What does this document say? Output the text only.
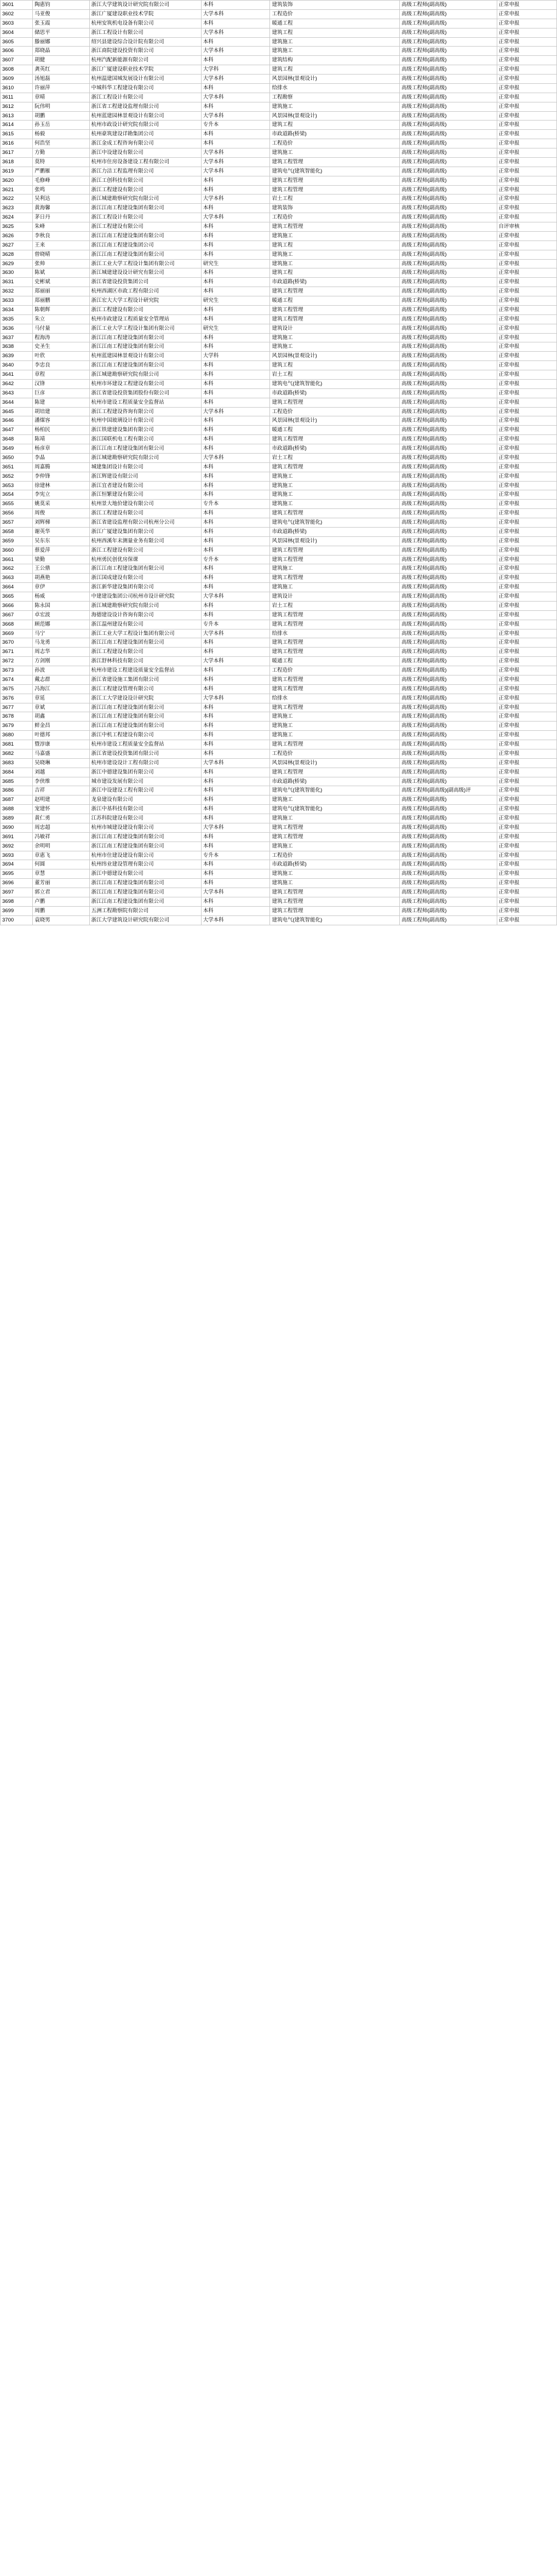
3601	陶惠钧	浙江大学建筑设计研究院有限公司	本科	建筑装饰	高级工程师(副高级)	正常申报
3602	马亚俊	浙江广厦建设职业技术学院	大学本科	工程造价	高级工程师(副高级)	正常申报
3603	张玉霞	杭州安筑机电设备有限公司	本科	暖通工程	高级工程师(副高级)	正常申报
3604	储思平	浙江工程设计有限公司	大学本科	建筑工程	高级工程师(副高级)	正常申报
3605	滕丽娜	绍兴县建设综合设计院有限公司	本科	建筑施工	高级工程师(副高级)	正常申报
3606	郑晓晶	浙江商院建设投资有限公司	大学本科	建筑施工	高级工程师(副高级)	正常申报
3607	胡健	杭州汽配新能源有限公司	本科	建筑结构	高级工程师(副高级)	正常申报
3608	龚英红	浙江广厦建设职业技术学院	大学科	建筑工程	高级工程师(副高级)	正常申报
3609	汤旭磊	杭州温建国城发展设计有限公司	大学本科	风景园林(景观设计)	高级工程师(副高级)	正常申报
3610	许丽萍	中城科华工程建设有限公司	本科	给排水	高级工程师(副高级)	正常申报
3611	章晴	浙江工程设计有限公司	大学本科	工程勘察	高级工程师(副高级)	正常申报
3612	阮伟明	浙江省工程建设监理有限公司	本科	建筑施工	高级工程师(副高级)	正常申报
3613	胡鹏	杭州蓝建园林景观设计有限公司	大学本科	风景园林(景观设计)	高级工程师(副高级)	正常申报
3614	孙玉岳	杭州市政设计研究院有限公司	专升本	建筑工程	高级工程师(副高级)	正常申报
3615	杨毅	杭州豪筑建设详勘集团公司	本科	市政道路(桥梁)	高级工程师(副高级)	正常申报
3616	何浩坚	浙江金成工程咨询有限公司	本科	工程造价	高级工程师(副高级)	正常申报
3617	方勤	浙江中设建设有限公司	大学本科	建筑施工	高级工程师(副高级)	正常申报
3618	莫特	杭州市住房设备建设工程有限公司	大学本科	建筑工程管理	高级工程师(副高级)	正常申报
3619	严鹏雁	浙江力洁工程监理有限公司	大学本科	建筑电气(建筑智能化)	高级工程师(副高级)	正常申报
3620	毛修峰	浙江工创科技有限公司	本科	建筑工程管理	高级工程师(副高级)	正常申报
3621	张鸣	浙江工程建设有限公司	本科	建筑工程管理	高级工程师(副高级)	正常申报
3622	吴利达	浙江城建勘察研究院有限公司	大学本科	岩土工程	高级工程师(副高级)	正常申报
3623	黄海馨	浙江江南工程建设集团有限公司	本科	建筑装饰	高级工程师(副高级)	正常申报
3624	茅日丹	浙江工程设计有限公司	大学本科	工程造价	高级工程师(副高级)	正常申报
3625	朱峰	浙江工程建设有限公司	本科	建筑工程管理	高级工程师(副高级)	自评审核
3626	李秋良	浙江江南工程建设集团有限公司	本科	建筑施工	高级工程师(副高级)	正常申报
3627	王来	浙江江南工程建设集团公司	本科	建筑工程	高级工程师(副高级)	正常申报
3628	曾晓晴	浙江江南工程建设集团有限公司	本科	建筑施工	高级工程师(副高级)	正常申报
3629	张帅	浙江工业大学工程设计集团有限公司	研究生	建筑施工	高级工程师(副高级)	正常申报
3630	陈斌	浙江城建建设设计研究有限公司	本科	建筑工程	高级工程师(副高级)	正常申报
3631	史彬斌	浙江省建设投资集团公司	本科	市政道路(桥梁)	高级工程师(副高级)	正常申报
3632	郑丽丽	杭州西湖区市政工程有限公司	本科	建筑工程管理	高级工程师(副高级)	正常申报
3633	郑丽鹏	浙江宏大大学工程设计研究院	研究生	暖通工程	高级工程师(副高级)	正常申报
3634	陈朝辉	浙江工程建设有限公司	本科	建筑工程管理	高级工程师(副高级)	正常申报
3635	朱立	杭州市政建设工程质量安全管理站	本科	建筑工程管理	高级工程师(副高级)	正常申报
3636	马付量	浙江工业大学工程设计集团有限公司	研究生	建筑设计	高级工程师(副高级)	正常申报
3637	程海涛	浙江江南工程建设集团有限公司	本科	建筑施工	高级工程师(副高级)	正常申报
3638	史圣生	浙江江南工程建设集团有限公司	本科	建筑施工	高级工程师(副高级)	正常申报
3639	叶欣	杭州蓝建园林景观设计有限公司	大学科	风景园林(景观设计)	高级工程师(副高级)	正常申报
3640	李忠良	浙江江南工程建设集团有限公司	本科	建筑工程	高级工程师(副高级)	正常申报
3641	章程	浙江城建勘察研究院有限公司	本科	岩土工程	高级工程师(副高级)	正常申报
3642	汉锋	杭州市环建设工程建设有限公司	本科	建筑电气(建筑智能化)	高级工程师(副高级)	正常申报
3643	巨彦	浙江省建设投资集团股份有限公司	本科	市政道路(桥梁)	高级工程师(副高级)	正常申报
3644	陈建	杭州市建设工程质量安全监督站	本科	建筑工程管理	高级工程师(副高级)	正常申报
3645	胡培建	浙江工程建设咨询有限公司	大学本科	工程造价	高级工程师(副高级)	正常申报
3646	潘煤容	杭州中国玻璃设计有限公司	本科	风景园林(景观设计)	高级工程师(副高级)	正常申报
3647	杨柏民	浙江铁建建设集团有限公司	本科	暖通工程	高级工程师(副高级)	正常申报
3648	陈靖	浙江国联机电工程有限公司	本科	建筑工程管理	高级工程师(副高级)	正常申报
3649	杨彦章	浙江江南工程建设集团有限公司	本科	市政道路(桥梁)	高级工程师(副高级)	正常申报
3650	李晶	浙江城建勘察研究院有限公司	大学本科	岩土工程	高级工程师(副高级)	正常申报
3651	周嘉腾	城建集团设计有限公司	本科	建筑工程管理	高级工程师(副高级)	正常申报
3652	李仲锋	浙江辉建设有限公司	本科	建筑施工	高级工程师(副高级)	正常申报
3653	徐建林	浙江宜者建设有限公司	本科	建筑施工	高级工程师(副高级)	正常申报
3654	李宪立	浙江恒繁建设有限公司	本科	建筑施工	高级工程师(副高级)	正常申报
3655	姚莫采	杭州景大地价建设有限公司	专升本	建筑施工	高级工程师(副高级)	正常申报
3656	周俊	浙江工程建设有限公司	本科	建筑工程管理	高级工程师(副高级)	正常申报
3657	刘辉梯	浙江省建设监理有限公司杭州分公司	本科	建筑电气(建筑智能化)	高级工程师(副高级)	正常申报
3658	谢英华	浙江广厦建设集团有限公司	本科	市政道路(桥梁)	高级工程师(副高级)	正常申报
3659	吴东东	杭州西溪年末测量业务有限公司	本科	风景园林(景观设计)	高级工程师(副高级)	正常申报
3660	蔡爱萍	浙江工程建设有限公司	本科	建筑工程管理	高级工程师(副高级)	正常申报
3661	梁勤	杭州勇民创优房保课	专升本	建筑工程管理	高级工程师(副高级)	正常申报
3662	王公鼎	浙江江南工程建设集团有限公司	本科	建筑施工	高级工程师(副高级)	正常申报
3663	胡燕艳	浙江国成建设有限公司	本科	建筑工程管理	高级工程师(副高级)	正常申报
3664	章伊	浙江新华建设集团有限公司	本科	建筑施工	高级工程师(副高级)	正常申报
3665	杨威	中建建设集团公司杭州市设计研究院	大学本科	建筑设计	高级工程师(副高级)	正常申报
3666	陈永国	浙江城建勘察研究院有限公司	本科	岩土工程	高级工程师(副高级)	正常申报
3667	卓宏波	海德建设设计咨询有限公司	本科	建筑工程管理	高级工程师(副高级)	正常申报
3668	顾范娜	浙江温州建设有限公司	专升本	建筑工程管理	高级工程师(副高级)	正常申报
3669	马宁	浙江工业大学工程设计集团有限公司	大学本科	给排水	高级工程师(副高级)	正常申报
3670	马龙勇	浙江江南工程建设集团有限公司	本科	建筑工程管理	高级工程师(副高级)	正常申报
3671	周志华	浙江工程建设有限公司	本科	建筑工程管理	高级工程师(副高级)	正常申报
3672	方剑刚	浙江舒林科技有限公司	大学本科	暖通工程	高级工程师(副高级)	正常申报
3673	孙波	杭州市建设工程建设质量安全监督站	本科	工程造价	高级工程师(副高级)	正常申报
3674	戴志群	浙江省建设施工集团有限公司	本科	建筑工程管理	高级工程师(副高级)	正常申报
3675	冯海江	浙江工程建设管理有限公司	本科	建筑工程管理	高级工程师(副高级)	正常申报
3676	章延	浙江工大学建设设计研究院	大学本科	给排水	高级工程师(副高级)	正常申报
3677	章斌	浙江江南工程建设集团有限公司	本科	建筑工程管理	高级工程师(副高级)	正常申报
3678	胡鑫	浙江江南工程建设集团有限公司	本科	建筑施工	高级工程师(副高级)	正常申报
3679	鲜金昌	浙江江南工程建设集团有限公司	本科	建筑施工	高级工程师(副高级)	正常申报
3680	叶德邦	浙江中机工程建设有限公司	本科	建筑施工	高级工程师(副高级)	正常申报
3681	暨淳康	杭州市建设工程质量安全监督站	本科	建筑工程管理	高级工程师(副高级)	正常申报
3682	马嘉盛	浙江省建设投资集团有限公司	本科	工程造价	高级工程师(副高级)	正常申报
3683	吴晓琳	杭州市建设设计工程有限公司	大学本科	风景园林(景观设计)	高级工程师(副高级)	正常申报
3684	刘越	浙江中德建设集团有限公司	本科	建筑工程管理	高级工程师(副高级)	正常申报
3685	李侠维	城市建设发展有限公司	本科	市政道路(桥梁)	高级工程师(副高级)	正常申报
3686	吉祥	浙江中设建设工程有限公司	本科	建筑电气(建筑智能化)	高级工程师(副高级)(副高级)评	正常申报
3687	赵明建	龙泉建设有限公司	本科	建筑施工	高级工程师(副高级)	正常申报
3688	宠建怀	浙江中基科技有限公司	本科	建筑电气(建筑智能化)	高级工程师(副高级)	正常申报
3689	黄仁勇	江苏科院建设有限公司	本科	建筑施工	高级工程师(副高级)	正常申报
3690	周忠超	杭州市城建设建设有限公司	大学本科	建筑工程管理	高级工程师(副高级)	正常申报
3691	冯敏祥	浙江江南工程建设集团有限公司	本科	建筑工程管理	高级工程师(副高级)	正常申报
3692	余明明	浙江江南工程建设集团有限公司	本科	建筑施工	高级工程师(副高级)	正常申报
3693	章惠飞	杭州市住建设建设有限公司	专升本	工程造价	高级工程师(副高级)	正常申报
3694	何圆	杭州纬业建设管理有限公司	本科	市政道路(桥梁)	高级工程师(副高级)	正常申报
3695	章慧	浙江中德建设有限公司	本科	建筑施工	高级工程师(副高级)	正常申报
3696	董芳丽	浙江江南工程建设集团有限公司	本科	建筑施工	高级工程师(副高级)	正常申报
3697	郭立君	浙江江南工程建设集团有限公司	大学本科	建筑工程管理	高级工程师(副高级)	正常申报
3698	卢鹏	浙江江南工程建设集团有限公司	本科	建筑工程管理	高级工程师(副高级)	正常申报
3699	周鹏	五洲工程勘察院有限公司	本科	建筑工程管理	高级工程师(副高级)	正常申报
3700	袁晓男	浙江大学建筑设计研究院有限公司	大学本科	建筑电气(建筑智能化)	高级工程师(副高级)	正常申报
